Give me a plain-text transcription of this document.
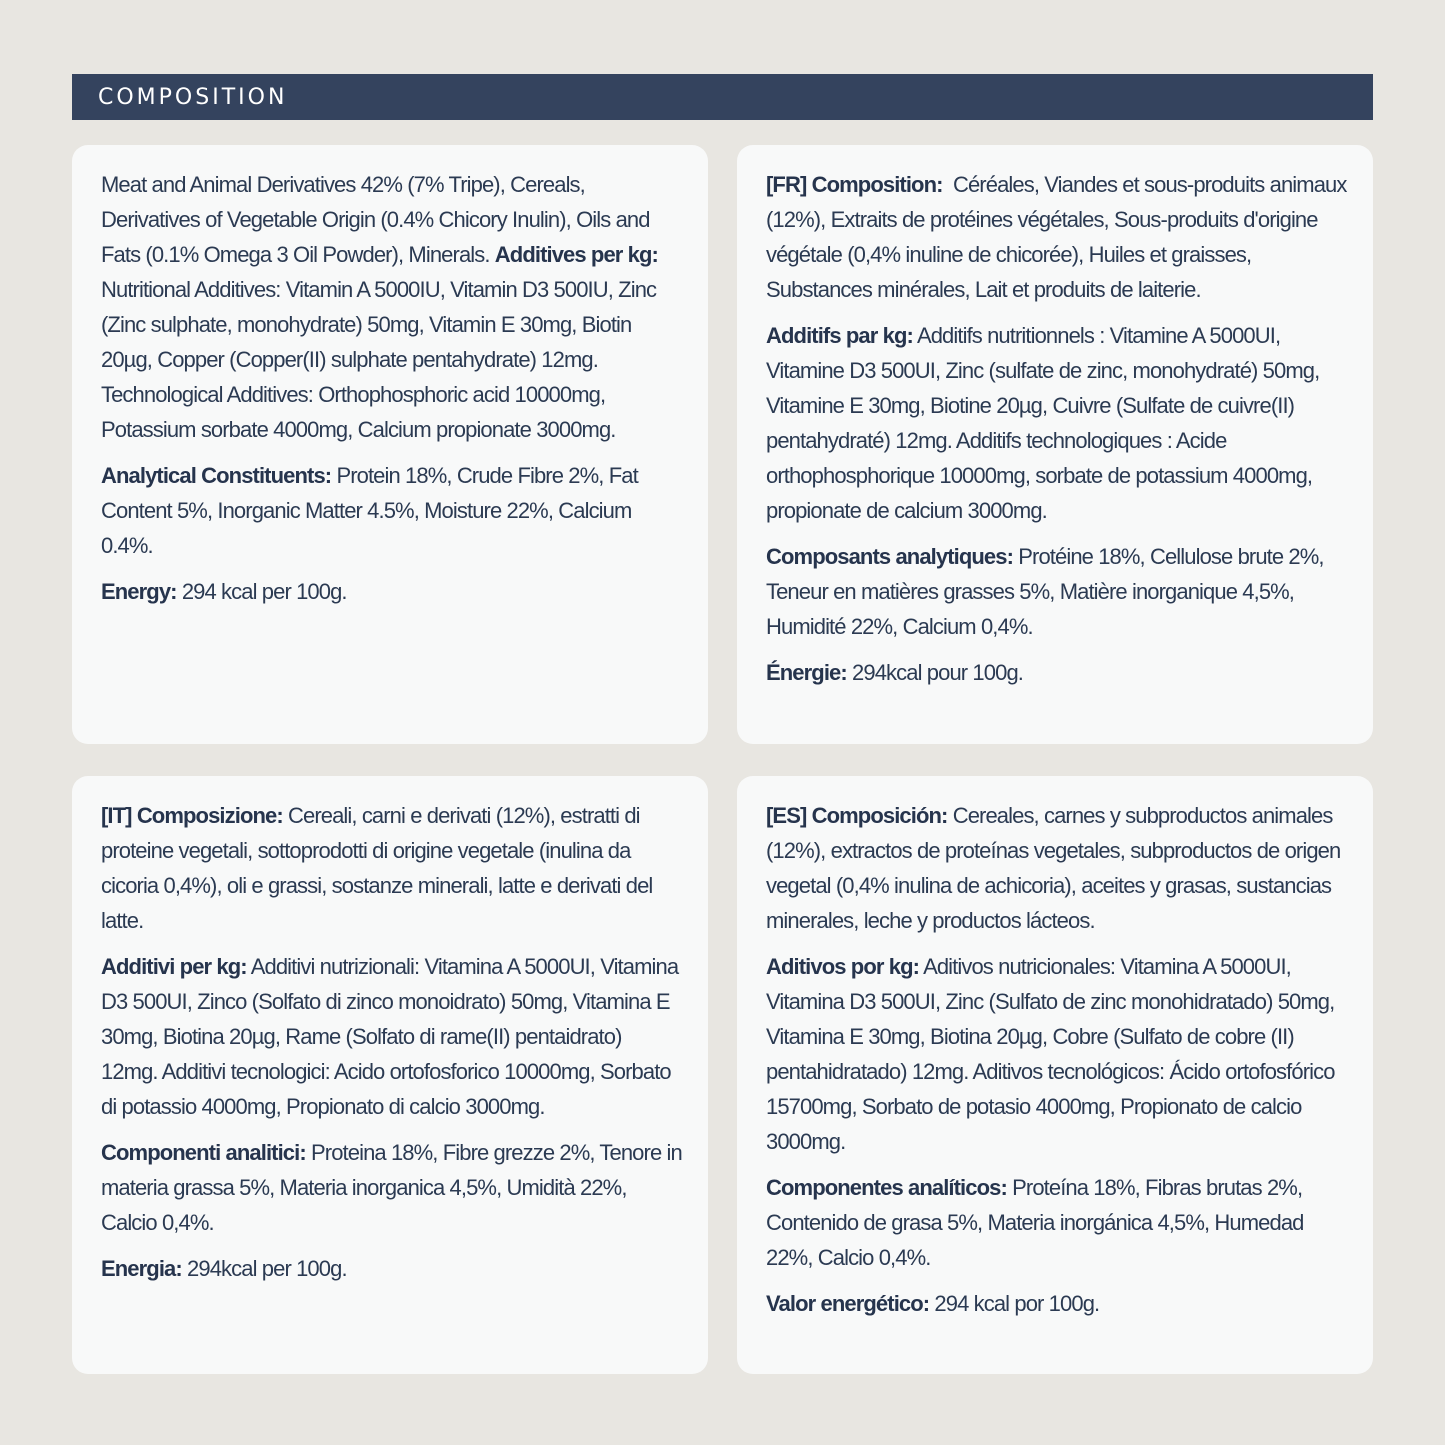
COMPOSITION

Meat and Animal Derivatives 42% (7% Tripe), Cereals, Derivatives of Vegetable Origin (0.4% Chicory Inulin), Oils and Fats (0.1% Omega 3 Oil Powder), Minerals. Additives per kg: Nutritional Additives: Vitamin A 5000IU, Vitamin D3 500IU, Zinc (Zinc sulphate, monohydrate) 50mg, Vitamin E 30mg, Biotin 20µg, Copper (Copper(II) sulphate pentahydrate) 12mg. Technological Additives: Orthophosphoric acid 10000mg, Potassium sorbate 4000mg, Calcium propionate 3000mg.

Analytical Constituents: Protein 18%, Crude Fibre 2%, Fat Content 5%, Inorganic Matter 4.5%, Moisture 22%, Calcium 0.4%.

Energy: 294 kcal per 100g.

[FR] Composition: Céréales, Viandes et sous-produits animaux (12%), Extraits de protéines végétales, Sous-produits d'origine végétale (0,4% inuline de chicorée), Huiles et graisses, Substances minérales, Lait et produits de laiterie.

Additifs par kg: Additifs nutritionnels : Vitamine A 5000UI, Vitamine D3 500UI, Zinc (sulfate de zinc, monohydraté) 50mg, Vitamine E 30mg, Biotine 20µg, Cuivre (Sulfate de cuivre(II) pentahydraté) 12mg. Additifs technologiques : Acide orthophosphorique 10000mg, sorbate de potassium 4000mg, propionate de calcium 3000mg.

Composants analytiques: Protéine 18%, Cellulose brute 2%, Teneur en matières grasses 5%, Matière inorganique 4,5%, Humidité 22%, Calcium 0,4%.

Énergie: 294kcal pour 100g.

[IT] Composizione: Cereali, carni e derivati (12%), estratti di proteine vegetali, sottoprodotti di origine vegetale (inulina da cicoria 0,4%), oli e grassi, sostanze minerali, latte e derivati del latte.

Additivi per kg: Additivi nutrizionali: Vitamina A 5000UI, Vitamina D3 500UI, Zinco (Solfato di zinco monoidrato) 50mg, Vitamina E 30mg, Biotina 20µg, Rame (Solfato di rame(II) pentaidrato) 12mg. Additivi tecnologici: Acido ortofosforico 10000mg, Sorbato di potassio 4000mg, Propionato di calcio 3000mg.

Componenti analitici: Proteina 18%, Fibre grezze 2%, Tenore in materia grassa 5%, Materia inorganica 4,5%, Umidità 22%, Calcio 0,4%.

Energia: 294kcal per 100g.

[ES] Composición: Cereales, carnes y subproductos animales (12%), extractos de proteínas vegetales, subproductos de origen vegetal (0,4% inulina de achicoria), aceites y grasas, sustancias minerales, leche y productos lácteos.

Aditivos por kg: Aditivos nutricionales: Vitamina A 5000UI, Vitamina D3 500UI, Zinc (Sulfato de zinc monohidratado) 50mg, Vitamina E 30mg, Biotina 20µg, Cobre (Sulfato de cobre (II) pentahidratado) 12mg. Aditivos tecnológicos: Ácido ortofosfórico 15700mg, Sorbato de potasio 4000mg, Propionato de calcio 3000mg.

Componentes analíticos: Proteína 18%, Fibras brutas 2%, Contenido de grasa 5%, Materia inorgánica 4,5%, Humedad 22%, Calcio 0,4%.

Valor energético: 294 kcal por 100g.
